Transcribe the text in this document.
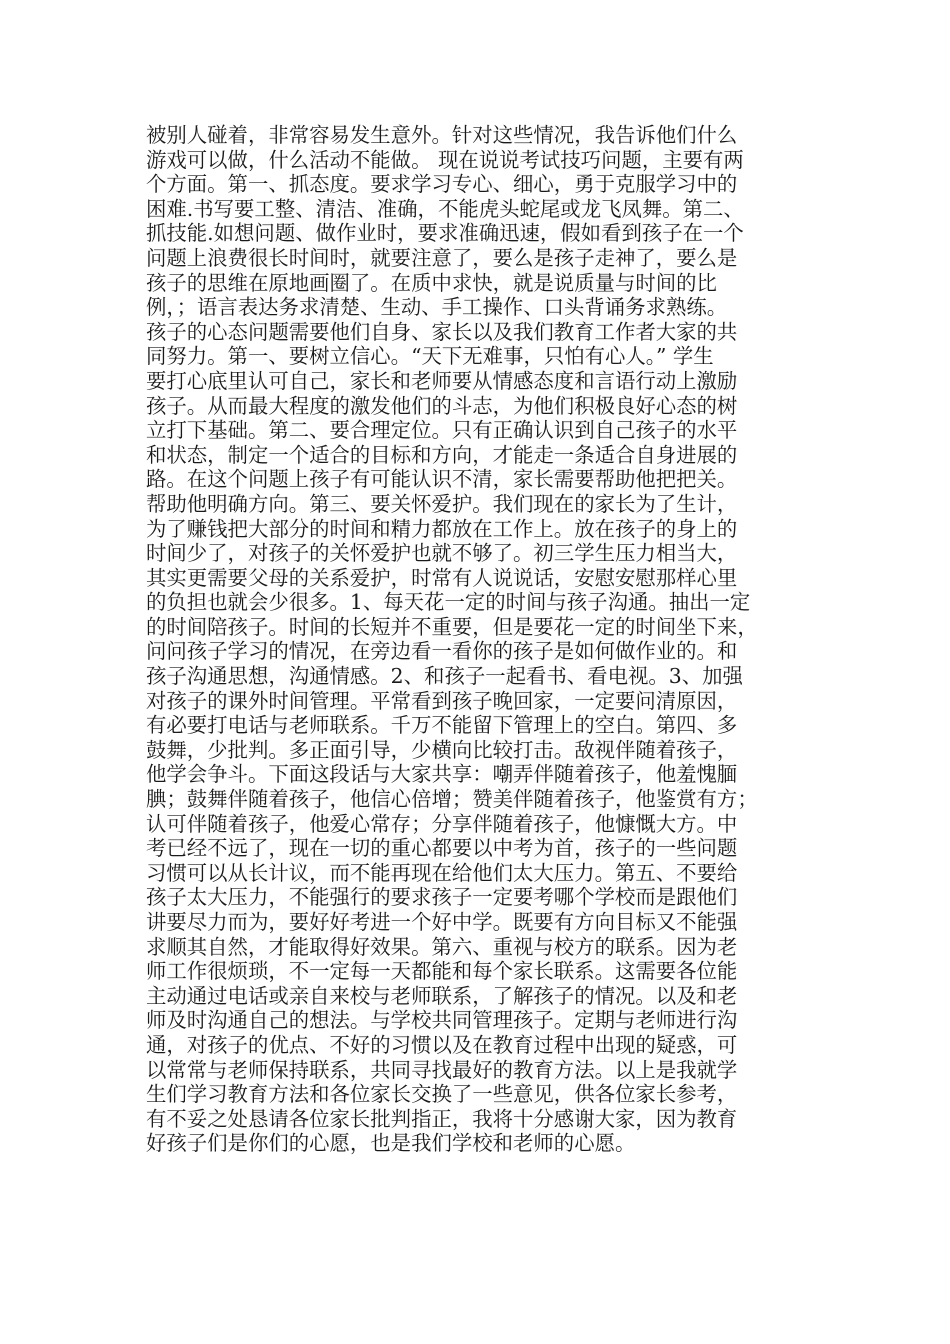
被别人碰着，非常容易发生意外。针对这些情况，我告诉他们什么
游戏可以做，什么活动不能做。 现在说说考试技巧问题，主要有两
个方面。第一、抓态度。要求学习专心、细心，勇于克服学习中的
困难.书写要工整、清洁、准确，不能虎头蛇尾或龙飞凤舞。第二、
抓技能.如想问题、做作业时，要求准确迅速，假如看到孩子在一个
问题上浪费很长时间时，就要注意了，要么是孩子走神了，要么是
孩子的思维在原地画圈了。在质中求快，就是说质量与时间的比
例，；语言表达务求清楚、生动、手工操作、口头背诵务求熟练。
孩子的心态问题需要他们自身、家长以及我们教育工作者大家的共
同努力。第一、要树立信心。“天下无难事，只怕有心人。” 学生
要打心底里认可自己，家长和老师要从情感态度和言语行动上激励
孩子。从而最大程度的激发他们的斗志，为他们积极良好心态的树
立打下基础。第二、要合理定位。只有正确认识到自己孩子的水平
和状态，制定一个适合的目标和方向，才能走一条适合自身进展的
路。在这个问题上孩子有可能认识不清，家长需要帮助他把把关。
帮助他明确方向。第三、要关怀爱护。我们现在的家长为了生计，
为了赚钱把大部分的时间和精力都放在工作上。放在孩子的身上的
时间少了，对孩子的关怀爱护也就不够了。初三学生压力相当大，
其实更需要父母的关系爱护，时常有人说说话，安慰安慰那样心里
的负担也就会少很多。1、每天花一定的时间与孩子沟通。抽出一定
的时间陪孩子。时间的长短并不重要，但是要花一定的时间坐下来，
问问孩子学习的情况，在旁边看一看你的孩子是如何做作业的。和
孩子沟通思想，沟通情感。2、和孩子一起看书、看电视。3、加强
对孩子的课外时间管理。平常看到孩子晚回家，一定要问清原因，
有必要打电话与老师联系。千万不能留下管理上的空白。第四、多
鼓舞，少批判。多正面引导，少横向比较打击。敌视伴随着孩子，
他学会争斗。下面这段话与大家共享：嘲弄伴随着孩子，他羞愧腼
腆；鼓舞伴随着孩子，他信心倍增；赞美伴随着孩子，他鉴赏有方；
认可伴随着孩子，他爱心常存；分享伴随着孩子，他慷慨大方。中
考已经不远了，现在一切的重心都要以中考为首，孩子的一些问题
习惯可以从长计议，而不能再现在给他们太大压力。第五、不要给
孩子太大压力，不能强行的要求孩子一定要考哪个学校而是跟他们
讲要尽力而为，要好好考进一个好中学。既要有方向目标又不能强
求顺其自然，才能取得好效果。第六、重视与校方的联系。因为老
师工作很烦琐，不一定每一天都能和每个家长联系。这需要各位能
主动通过电话或亲自来校与老师联系，了解孩子的情况。以及和老
师及时沟通自己的想法。与学校共同管理孩子。定期与老师进行沟
通，对孩子的优点、不好的习惯以及在教育过程中出现的疑惑，可
以常常与老师保持联系，共同寻找最好的教育方法。以上是我就学
生们学习教育方法和各位家长交换了一些意见，供各位家长参考，
有不妥之处恳请各位家长批判指正，我将十分感谢大家，因为教育
好孩子们是你们的心愿，也是我们学校和老师的心愿。
